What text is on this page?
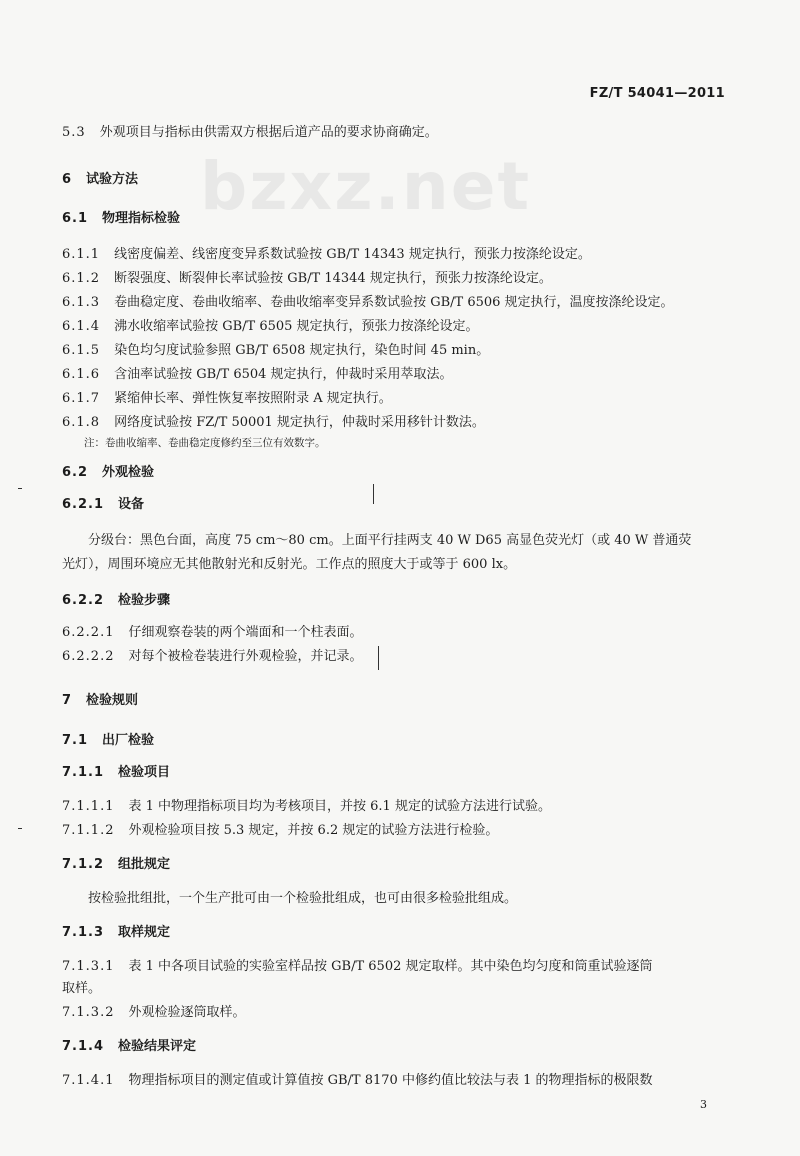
FZ/T 54041—2011
bzxz.net
5.3 外观项目与指标由供需双方根据后道产品的要求协商确定。
6 试验方法
6.1 物理指标检验
6.1.1 线密度偏差、线密度变异系数试验按 GB/T 14343 规定执行，预张力按涤纶设定。
6.1.2 断裂强度、断裂伸长率试验按 GB/T 14344 规定执行，预张力按涤纶设定。
6.1.3 卷曲稳定度、卷曲收缩率、卷曲收缩率变异系数试验按 GB/T 6506 规定执行，温度按涤纶设定。
6.1.4 沸水收缩率试验按 GB/T 6505 规定执行，预张力按涤纶设定。
6.1.5 染色均匀度试验参照 GB/T 6508 规定执行，染色时间 45 min。
6.1.6 含油率试验按 GB/T 6504 规定执行，仲裁时采用萃取法。
6.1.7 紧缩伸长率、弹性恢复率按照附录 A 规定执行。
6.1.8 网络度试验按 FZ/T 50001 规定执行，仲裁时采用移针计数法。
注：卷曲收缩率、卷曲稳定度修约至三位有效数字。
6.2 外观检验
6.2.1 设备
分级台：黑色台面，高度 75 cm～80 cm。上面平行挂两支 40 W D65 高显色荧光灯（或 40 W 普通荧
光灯），周围环境应无其他散射光和反射光。工作点的照度大于或等于 600 lx。
6.2.2 检验步骤
6.2.2.1 仔细观察卷装的两个端面和一个柱表面。
6.2.2.2 对每个被检卷装进行外观检验，并记录。
7 检验规则
7.1 出厂检验
7.1.1 检验项目
7.1.1.1 表 1 中物理指标项目均为考核项目，并按 6.1 规定的试验方法进行试验。
7.1.1.2 外观检验项目按 5.3 规定，并按 6.2 规定的试验方法进行检验。
7.1.2 组批规定
按检验批组批，一个生产批可由一个检验批组成，也可由很多检验批组成。
7.1.3 取样规定
7.1.3.1 表 1 中各项目试验的实验室样品按 GB/T 6502 规定取样。其中染色均匀度和筒重试验逐筒
取样。
7.1.3.2 外观检验逐筒取样。
7.1.4 检验结果评定
7.1.4.1 物理指标项目的测定值或计算值按 GB/T 8170 中修约值比较法与表 1 的物理指标的极限数
3
